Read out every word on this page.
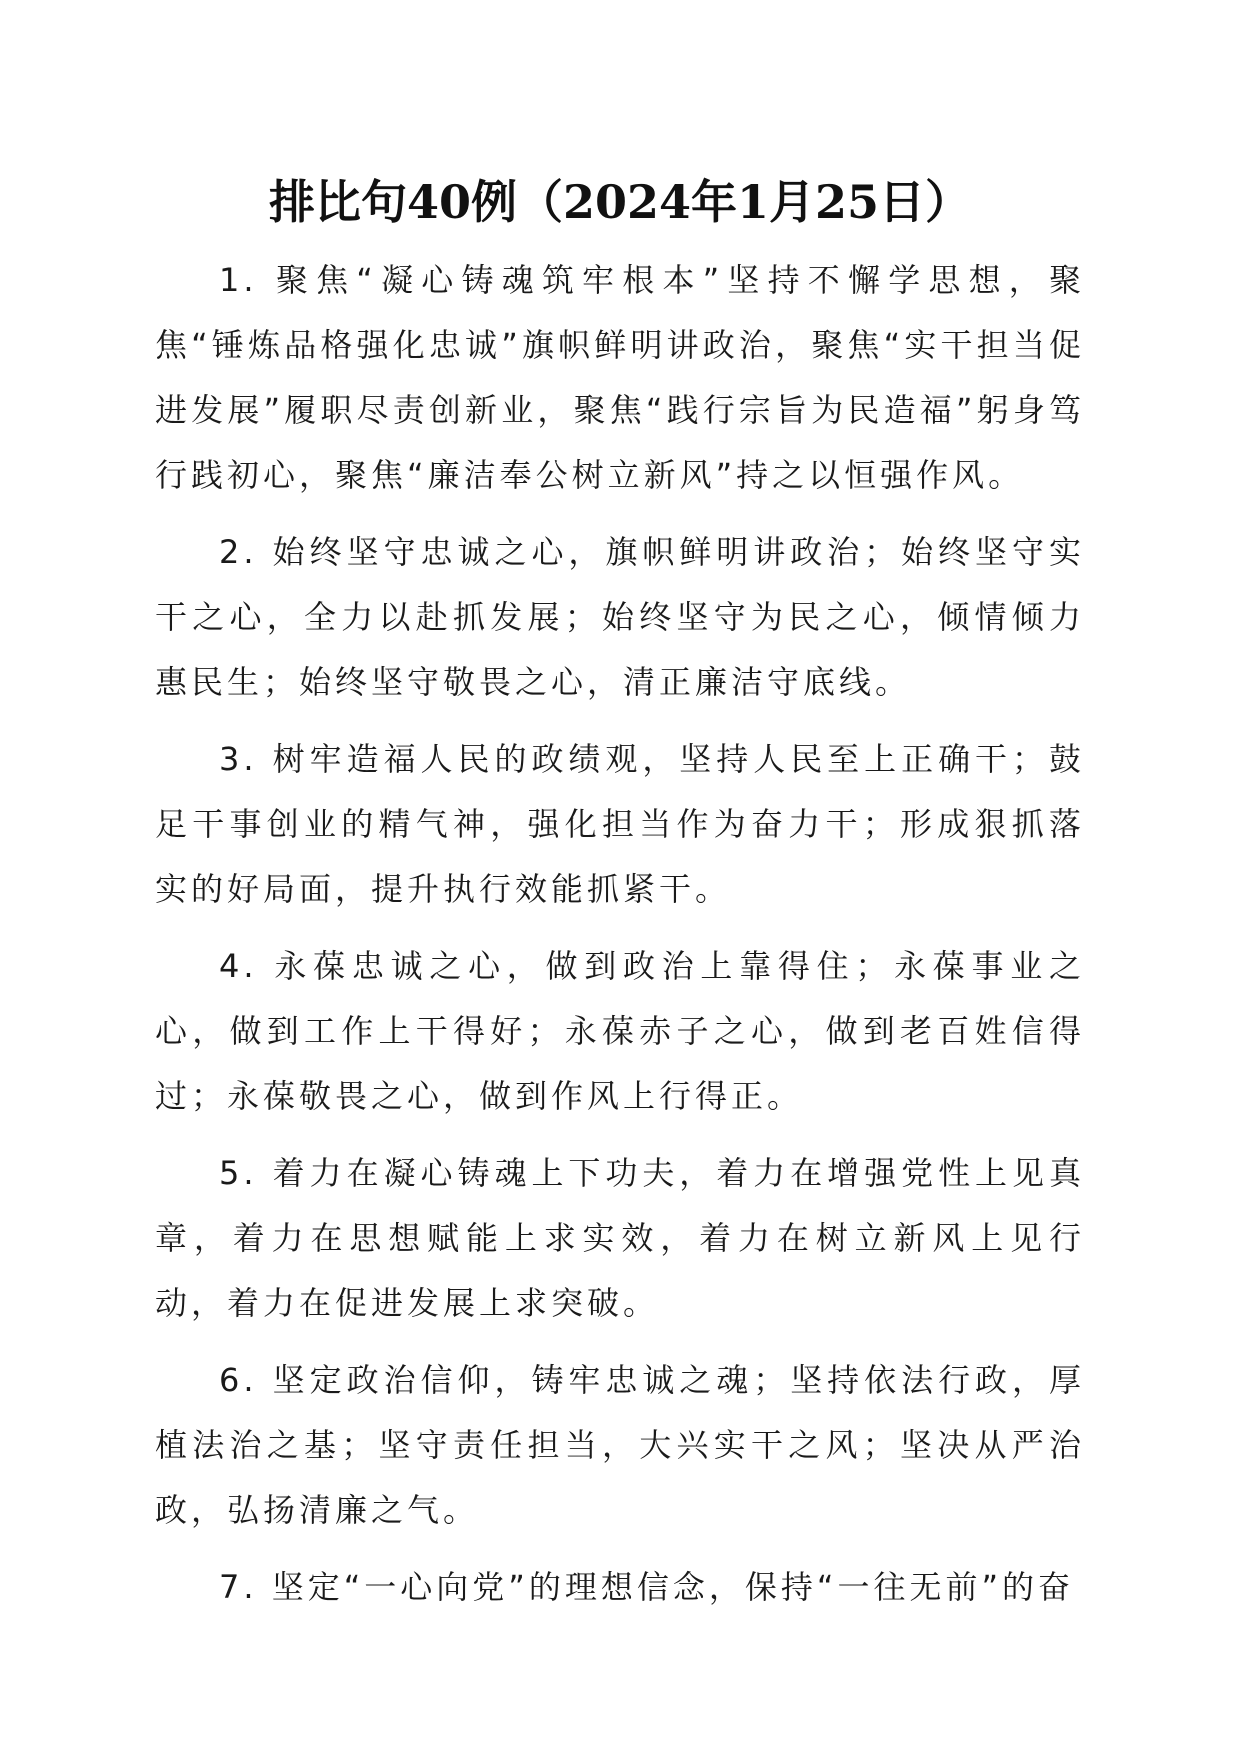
排比句40例（2024年1月25日）

1. 聚焦“凝心铸魂筑牢根本”坚持不懈学思想，聚焦“锤炼品格强化忠诚”旗帜鲜明讲政治，聚焦“实干担当促进发展”履职尽责创新业，聚焦“践行宗旨为民造福”躬身笃行践初心，聚焦“廉洁奉公树立新风”持之以恒强作风。

2. 始终坚守忠诚之心，旗帜鲜明讲政治；始终坚守实干之心，全力以赴抓发展；始终坚守为民之心，倾情倾力惠民生；始终坚守敬畏之心，清正廉洁守底线。

3. 树牢造福人民的政绩观，坚持人民至上正确干；鼓足干事创业的精气神，强化担当作为奋力干；形成狠抓落实的好局面，提升执行效能抓紧干。

4. 永葆忠诚之心，做到政治上靠得住；永葆事业之心，做到工作上干得好；永葆赤子之心，做到老百姓信得过；永葆敬畏之心，做到作风上行得正。

5. 着力在凝心铸魂上下功夫，着力在增强党性上见真章，着力在思想赋能上求实效，着力在树立新风上见行动，着力在促进发展上求突破。

6. 坚定政治信仰，铸牢忠诚之魂；坚持依法行政，厚植法治之基；坚守责任担当，大兴实干之风；坚决从严治政，弘扬清廉之气。

7. 坚定“一心向党”的理想信念，保持“一往无前”的奋
